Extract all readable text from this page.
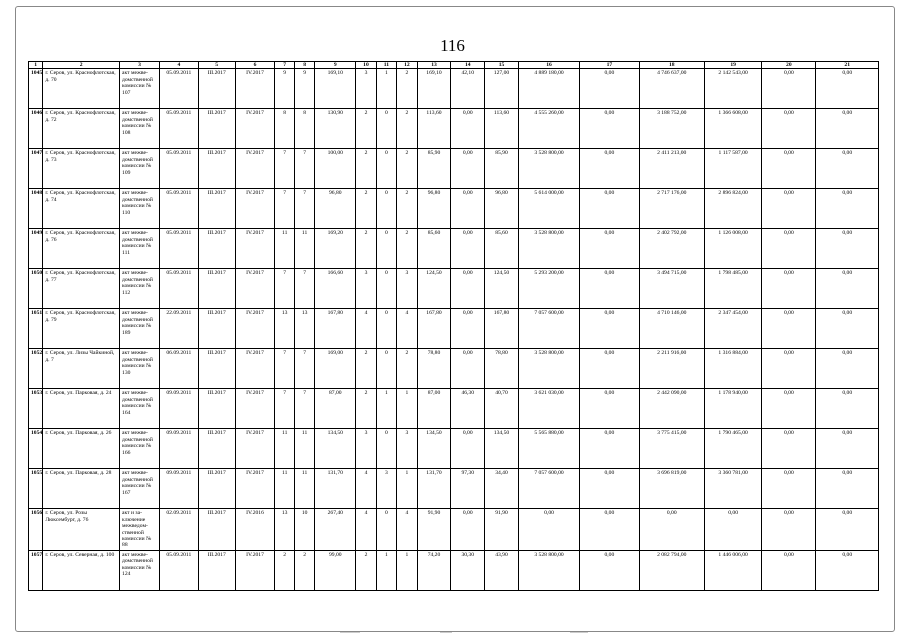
116
1	2	3	4	5	6	7	8	9	10	11	12	13	14	15	16	17	18	19	20	21
1045	г. Серов, ул. Краснофлотская, д. 70	акт межведомственной комиссии № 107	05.09.2011	III.2017	IV.2017	9	9	169,10	3	1	2	169,10	42,10	127,00	4 889 180,00	0,00	4 746 637,00	2 142 543,00	0,00	0,00
1046	г. Серов, ул. Краснофлотская, д. 72	акт межведомственной комиссии № 108	05.09.2011	III.2017	IV.2017	8	8	130,90	2	0	2	113,60	0,00	113,60	4 555 260,00	0,00	3 188 752,00	1 366 608,00	0,00	0,00
1047	г. Серов, ул. Краснофлотская, д. 73	акт межведомственной комиссии № 109	05.09.2011	III.2017	IV.2017	7	7	100,00	2	0	2	85,90	0,00	85,90	3 528 800,00	0,00	2 411 213,00	1 117 587,00	0,00	0,00
1048	г. Серов, ул. Краснофлотская, д. 74	акт межведомственной комиссии № 110	05.09.2011	III.2017	IV.2017	7	7	96,80	2	0	2	96,80	0,00	96,80	5 614 000,00	0,00	2 717 176,00	2 896 824,00	0,00	0,00
1049	г. Серов, ул. Краснофлотская, д. 76	акт межведомственной комиссии № 111	05.09.2011	III.2017	IV.2017	11	11	169,20	2	0	2	85,60	0,00	85,60	3 528 800,00	0,00	2 402 792,00	1 126 008,00	0,00	0,00
1050	г. Серов, ул. Краснофлотская, д. 77	акт межведомственной комиссии № 112	05.09.2011	III.2017	IV.2017	7	7	166,60	3	0	3	124,50	0,00	124,50	5 293 200,00	0,00	3 494 715,00	1 798 485,00	0,00	0,00
1051	г. Серов, ул. Краснофлотская, д. 79	акт межведомственной комиссии № 189	22.09.2011	III.2017	IV.2017	13	13	167,80	4	0	4	167,80	0,00	167,80	7 057 600,00	0,00	4 710 146,00	2 347 454,00	0,00	0,00
1052	г. Серов, ул. Лизы Чайкиной, д. 7	акт межведомственной комиссии № 130	06.09.2011	III.2017	IV.2017	7	7	169,00	2	0	2	78,80	0,00	78,80	3 528 800,00	0,00	2 211 916,00	1 316 884,00	0,00	0,00
1053	г. Серов, ул. Парковая, д. 24	акт межведомственной комиссии № 164	09.09.2011	III.2017	IV.2017	7	7	87,00	2	1	1	87,00	46,30	40,70	3 621 030,00	0,00	2 442 090,00	1 178 940,00	0,00	0,00
1054	г. Серов, ул. Парковая, д. 26	акт межведомственной комиссии № 166	09.09.2011	III.2017	IV.2017	11	11	134,50	3	0	3	134,50	0,00	134,50	5 565 880,00	0,00	3 775 415,00	1 790 465,00	0,00	0,00
1055	г. Серов, ул. Парковая, д. 28	акт межведомственной комиссии № 167	09.09.2011	III.2017	IV.2017	11	11	131,70	4	3	1	131,70	97,30	34,40	7 057 600,00	0,00	3 696 819,00	3 360 781,00	0,00	0,00
1056	г. Серов, ул. Розы Люксембург, д. 76	акт и заключение межведомственной комиссии № 88	02.09.2011	III.2017	IV.2016	13	10	267,40	4	0	4	91,90	0,00	91,90	0,00	0,00	0,00	0,00	0,00	0,00
1057	г. Серов, ул. Северная, д. 100	акт межведомственной комиссии № 124	05.09.2011	III.2017	IV.2017	2	2	99,00	2	1	1	74,20	30,30	43,90	3 528 800,00	0,00	2 082 794,00	1 446 006,00	0,00	0,00
